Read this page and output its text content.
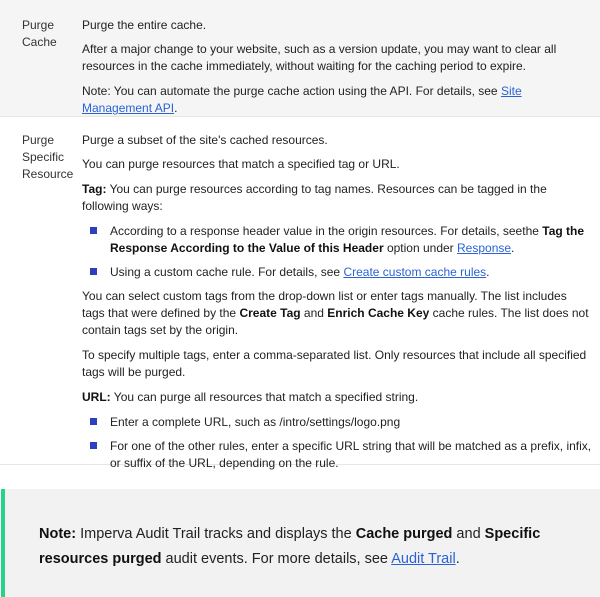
Purge
Cache

Purge the entire cache.

After a major change to your website, such as a version update, you may want to clear all resources in the cache immediately, without waiting for the caching period to expire.

Note: You can automate the purge cache action using the API. For details, see Site Management API.

Purge
Specific
Resource

Purge a subset of the site's cached resources.

You can purge resources that match a specified tag or URL.

Tag: You can purge resources according to tag names. Resources can be tagged in the following ways:

According to a response header value in the origin resources. For details, seethe Tag the Response According to the Value of this Header option under Response.
Using a custom cache rule. For details, see Create custom cache rules.

You can select custom tags from the drop-down list or enter tags manually. The list includes tags that were defined by the Create Tag and Enrich Cache Key cache rules. The list does not contain tags set by the origin.

To specify multiple tags, enter a comma-separated list. Only resources that include all specified tags will be purged.

URL: You can purge all resources that match a specified string.

Enter a complete URL, such as /intro/settings/logo.png
For one of the other rules, enter a specific URL string that will be matched as a prefix, infix, or suffix of the URL, depending on the rule.
Note: Imperva Audit Trail tracks and displays the Cache purged and Specific resources purged audit events. For more details, see Audit Trail.
